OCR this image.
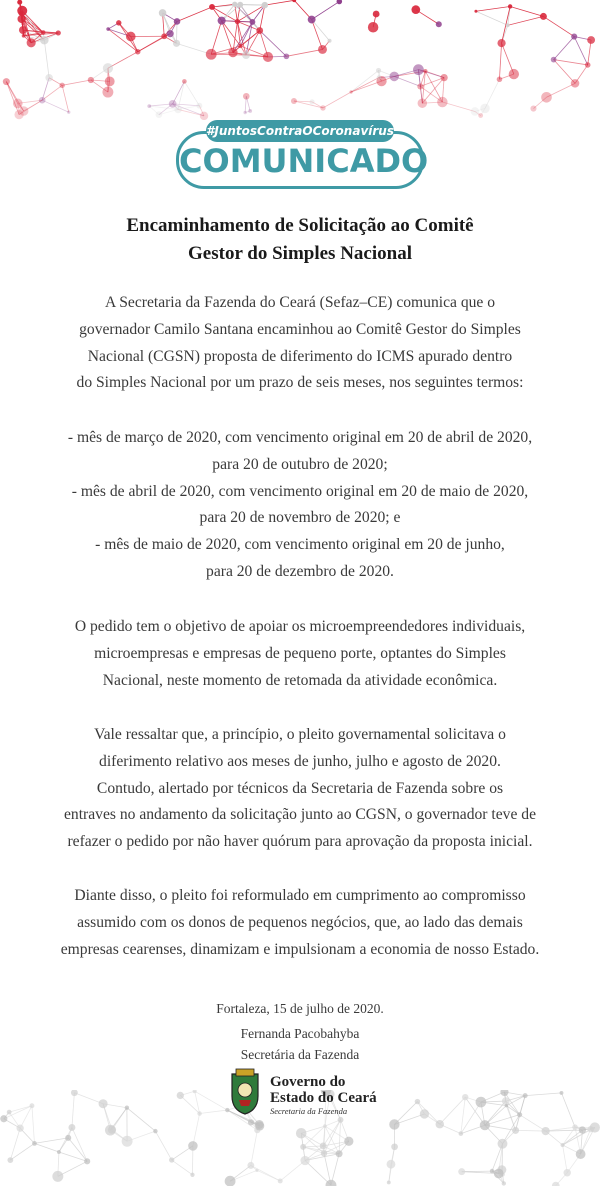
#JuntosContraOCoronavírus
COMUNICADO
Encaminhamento de Solicitação ao Comitê
Gestor do Simples Nacional

A Secretaria da Fazenda do Ceará (Sefaz–CE) comunica que o

governador Camilo Santana encaminhou ao Comitê Gestor do Simples

Nacional (CGSN) proposta de diferimento do ICMS apurado dentro

do Simples Nacional por um prazo de seis meses, nos seguintes termos:

- mês de março de 2020, com vencimento original em 20 de abril de 2020,

para 20 de outubro de 2020;

- mês de abril de 2020, com vencimento original em 20 de maio de 2020,

para 20 de novembro de 2020; e

- mês de maio de 2020, com vencimento original em 20 de junho,

para 20 de dezembro de 2020.

O pedido tem o objetivo de apoiar os microempreendedores individuais,

microempresas e empresas de pequeno porte, optantes do Simples

Nacional, neste momento de retomada da atividade econômica.

Vale ressaltar que, a princípio, o pleito governamental solicitava o

diferimento relativo aos meses de junho, julho e agosto de 2020.

Contudo, alertado por técnicos da Secretaria de Fazenda sobre os

entraves no andamento da solicitação junto ao CGSN, o governador teve de

refazer o pedido por não haver quórum para aprovação da proposta inicial.

Diante disso, o pleito foi reformulado em cumprimento ao compromisso

assumido com os donos de pequenos negócios, que, ao lado das demais

empresas cearenses, dinamizam e impulsionam a economia de nosso Estado.

Fortaleza, 15 de julho de 2020.

Fernanda Pacobahyba

Secretária da Fazenda

Governo do
Estado do Ceará
Secretaria da Fazenda
